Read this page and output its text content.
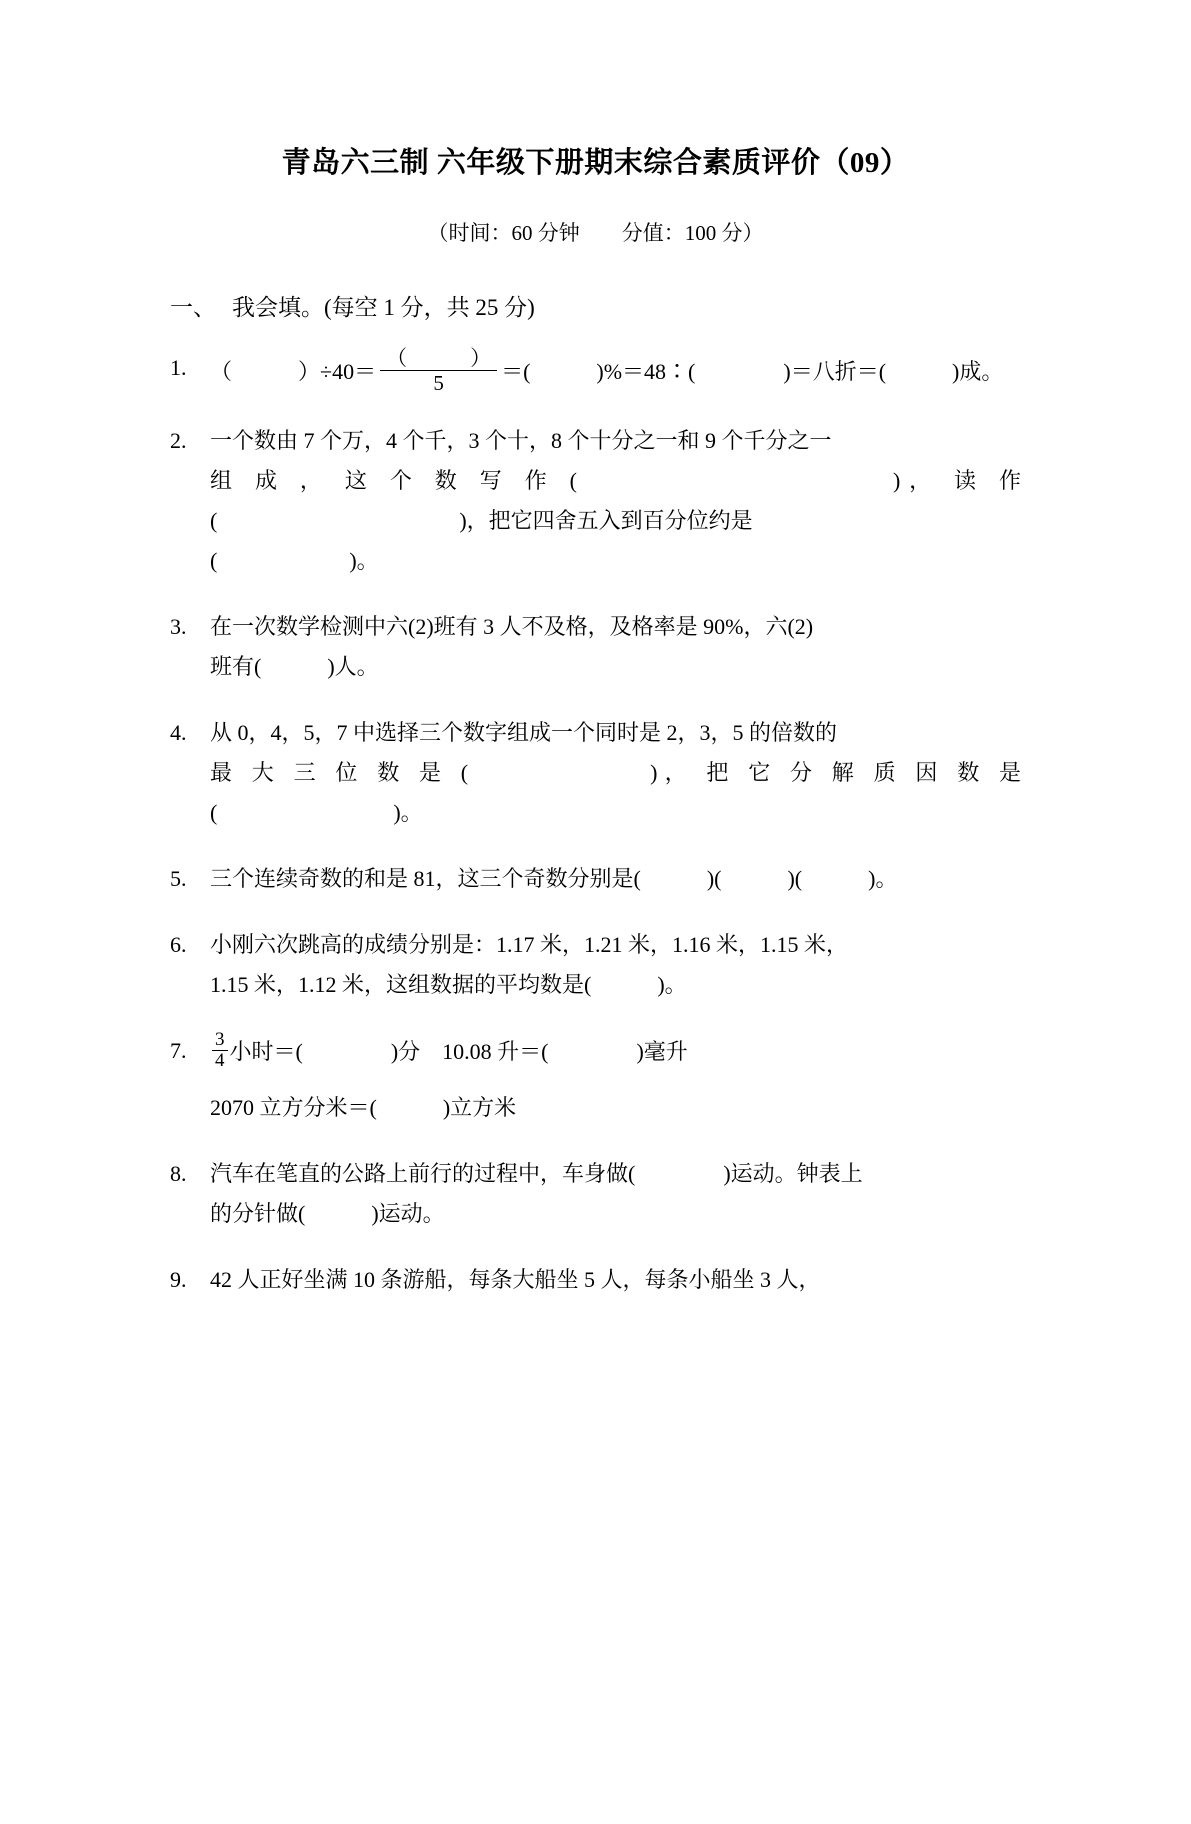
青岛六三制 六年级下册期末综合素质评价（09）
（时间：60 分钟　　分值：100 分）
一、 我会填。(每空 1 分，共 25 分)
1.	（　　　）$\div 40= \frac{( )}{5}$ ＝(　　　)%＝48∶(　　　　)＝八折＝(　　　)成。
2.	一个数由 7 个万，4 个千，3 个十，8 个十分之一和 9 个千分之一
组 成 ， 这 个 数 写 作 (　　　　　　　　　　)， 读 作
(　　　　　　　　　　　)，把它四舍五入到百分位约是
(　　　　　　)。
3.	在一次数学检测中六(2)班有 3 人不及格，及格率是 90%，六(2)
班有(　　　)人。
4.	从 0，4，5，7 中选择三个数字组成一个同时是 2，3，5 的倍数的
最 大 三 位 数 是 (　　　　　　)， 把 它 分 解 质 因 数 是
(　　　　　　　　)。
5.	三个连续奇数的和是 81，这三个奇数分别是(　　　)(　　　)(　　　)。
6.	小刚六次跳高的成绩分别是：1.17 米，1.21 米，1.16 米，1.15 米，
1.15 米，1.12 米，这组数据的平均数是(　　　)。
7.	$\frac{3}{4}$ 小时＝(　　　　)分　10.08 升＝(　　　　)毫升
2070 立方分米＝(　　　)立方米
8.	汽车在笔直的公路上前行的过程中，车身做(　　　　)运动。钟表上
的分针做(　　　)运动。
9.	42 人正好坐满 10 条游船，每条大船坐 5 人，每条小船坐 3 人，
